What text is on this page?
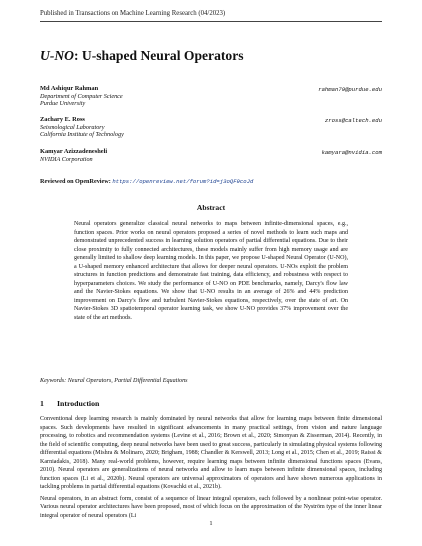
Published in Transactions on Machine Learning Research (04/2023)
U-NO: U-shaped Neural Operators
Md Ashiqur Rahman
Department of Computer Science
Purdue University
rahman79@purdue.edu
Zachary E. Ross
Seismological Laboratory
California Institute of Technology
zross@caltech.edu
Kamyar Azizzadenesheli
NVIDIA Corporation
kamyara@nvidia.com
Reviewed on OpenReview: https://openreview.net/forum?id=j3oQF9coJd
Abstract

Neural operators generalize classical neural networks to maps between infinite-dimensional spaces, e.g., function spaces. Prior works on neural operators proposed a series of novel methods to learn such maps and demonstrated unprecedented success in learning solution operators of partial differential equations. Due to their close proximity to fully connected architectures, these models mainly suffer from high memory usage and are generally limited to shallow deep learning models. In this paper, we propose U-shaped Neural Operator (U-NO), a U-shaped memory enhanced architecture that allows for deeper neural operators. U-NOs exploit the problem structures in function predictions and demonstrate fast training, data efficiency, and robustness with respect to hyperparameters choices. We study the performance of U-NO on PDE benchmarks, namely, Darcy's flow law and the Navier-Stokes equations. We show that U-NO results in an average of 26% and 44% prediction improvement on Darcy's flow and turbulent Navier-Stokes equations, respectively, over the state of art. On Navier-Stokes 3D spatiotemporal operator learning task, we show U-NO provides 37% improvement over the state of the art methods.

Keywords: Neural Operators, Partial Differential Equations
1 Introduction

Conventional deep learning research is mainly dominated by neural networks that allow for learning maps between finite dimensional spaces. Such developments have resulted in significant advancements in many practical settings, from vision and nature language processing, to robotics and recommendation systems (Levine et al., 2016; Brown et al., 2020; Simonyan & Zisserman, 2014). Recently, in the field of scientific computing, deep neural networks have been used to great success, particularly in simulating physical systems following differential equations (Mishra & Molinaro, 2020; Brigham, 1988; Chandler & Kerswell, 2013; Long et al., 2015; Chen et al., 2019; Raissi & Karniadakis, 2018). Many real-world problems, however, require learning maps between infinite dimensional functions spaces (Evans, 2010). Neural operators are generalizations of neural networks and allow to learn maps between infinite dimensional spaces, including function spaces (Li et al., 2020b). Neural operators are universal approximators of operators and have shown numerous applications in tackling problems in partial differential equations (Kovachki et al., 2021b).

Neural operators, in an abstract form, consist of a sequence of linear integral operators, each followed by a nonlinear point-wise operator. Various neural operator architectures have been proposed, most of which focus on the approximation of the Nyström type of the inner linear integral operator of neural operators (Li

1
